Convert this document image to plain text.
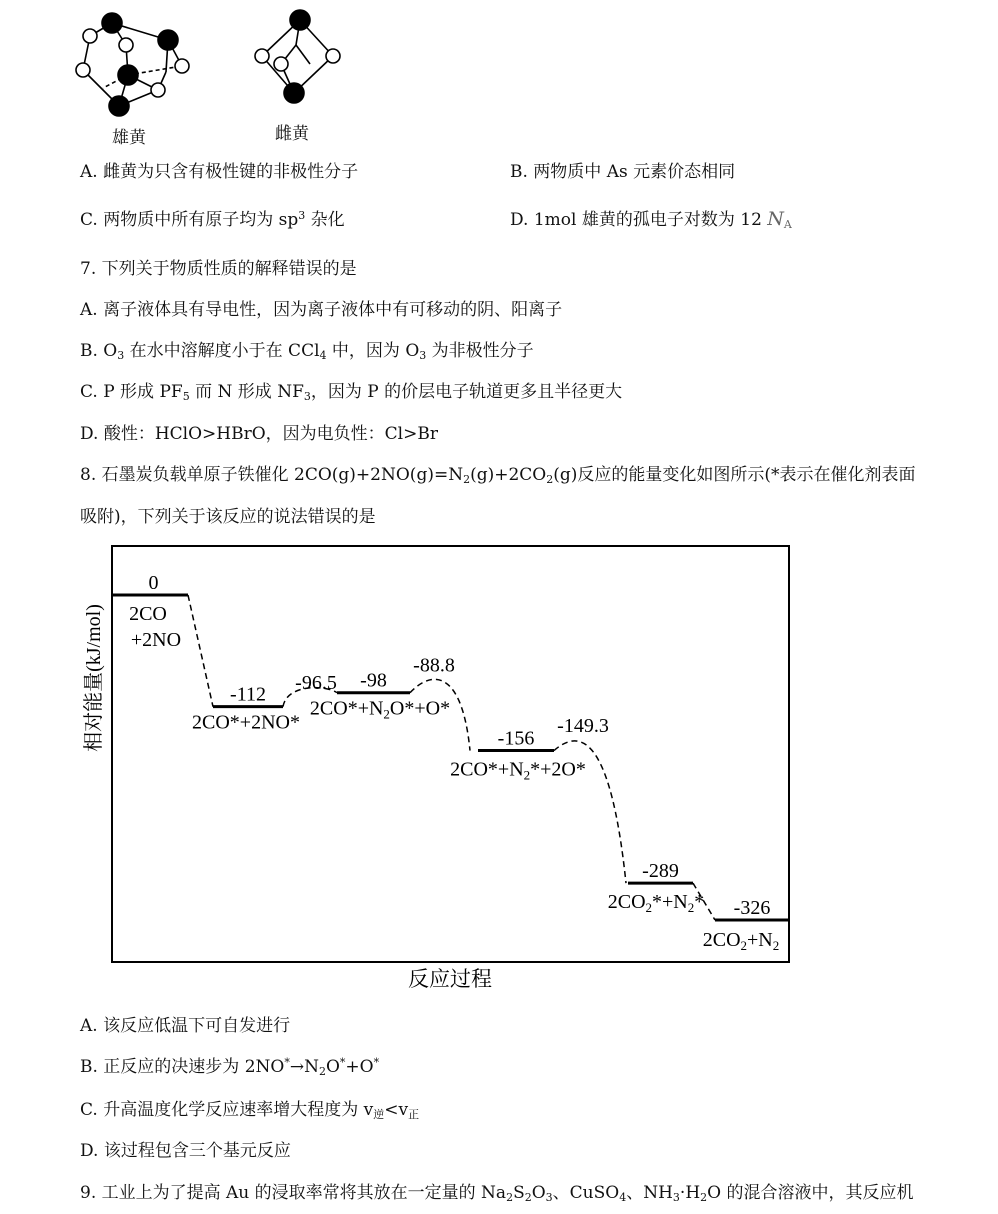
雄黄	雌黄
A. 雌黄为只含有极性键的非极性分子	B. 两物质中 As 元素价态相同
C. 两物质中所有原子均为 $sp^3$ 杂化	D. 1mol 雄黄的孤电子对数为 12 $N_A$
7. 下列关于物质性质的解释错误的是
A. 离子液体具有导电性，因为离子液体中有可移动的阴、阳离子
B. $O_3$ 在水中溶解度小于在 CCl$_4$ 中，因为 $O_3$ 为非极性分子
C. P 形成 $PF_5$ 而 N 形成 $NF_3$，因为 P 的价层电子轨道更多且半径更大
D. 酸性：HClO>HBrO，因为电负性：Cl>Br
8. 石墨炭负载单原子铁催化 $2CO(g)+2NO(g)=N_2(g)+2CO_2(g)$反应的能量变化如图所示(*表示在催化剂表面
吸附)，下列关于该反应的说法错误的是
相对能量(kJ/mol)
反应过程
0
-112
-98
-156
-289
-326
-96.5
-88.8
-149.3
2CO
+2NO
2CO*+2NO*
2CO*+N2O*+O*
2CO*+N2*+2O*
2CO2*+N2*
2CO2+N2
A. 该反应低温下可自发进行
B. 正反应的决速步为 $2NO^*\to N_2O^*+O^*$
C. 升高温度化学反应速率增大程度为 $v_逆<v_正$
D. 该过程包含三个基元反应
9. 工业上为了提高 Au 的浸取率常将其放在一定量的 $Na_2S_2O_3$、CuSO$_4$、$NH_3\cdot H_2O$ 的混合溶液中，其反应机
